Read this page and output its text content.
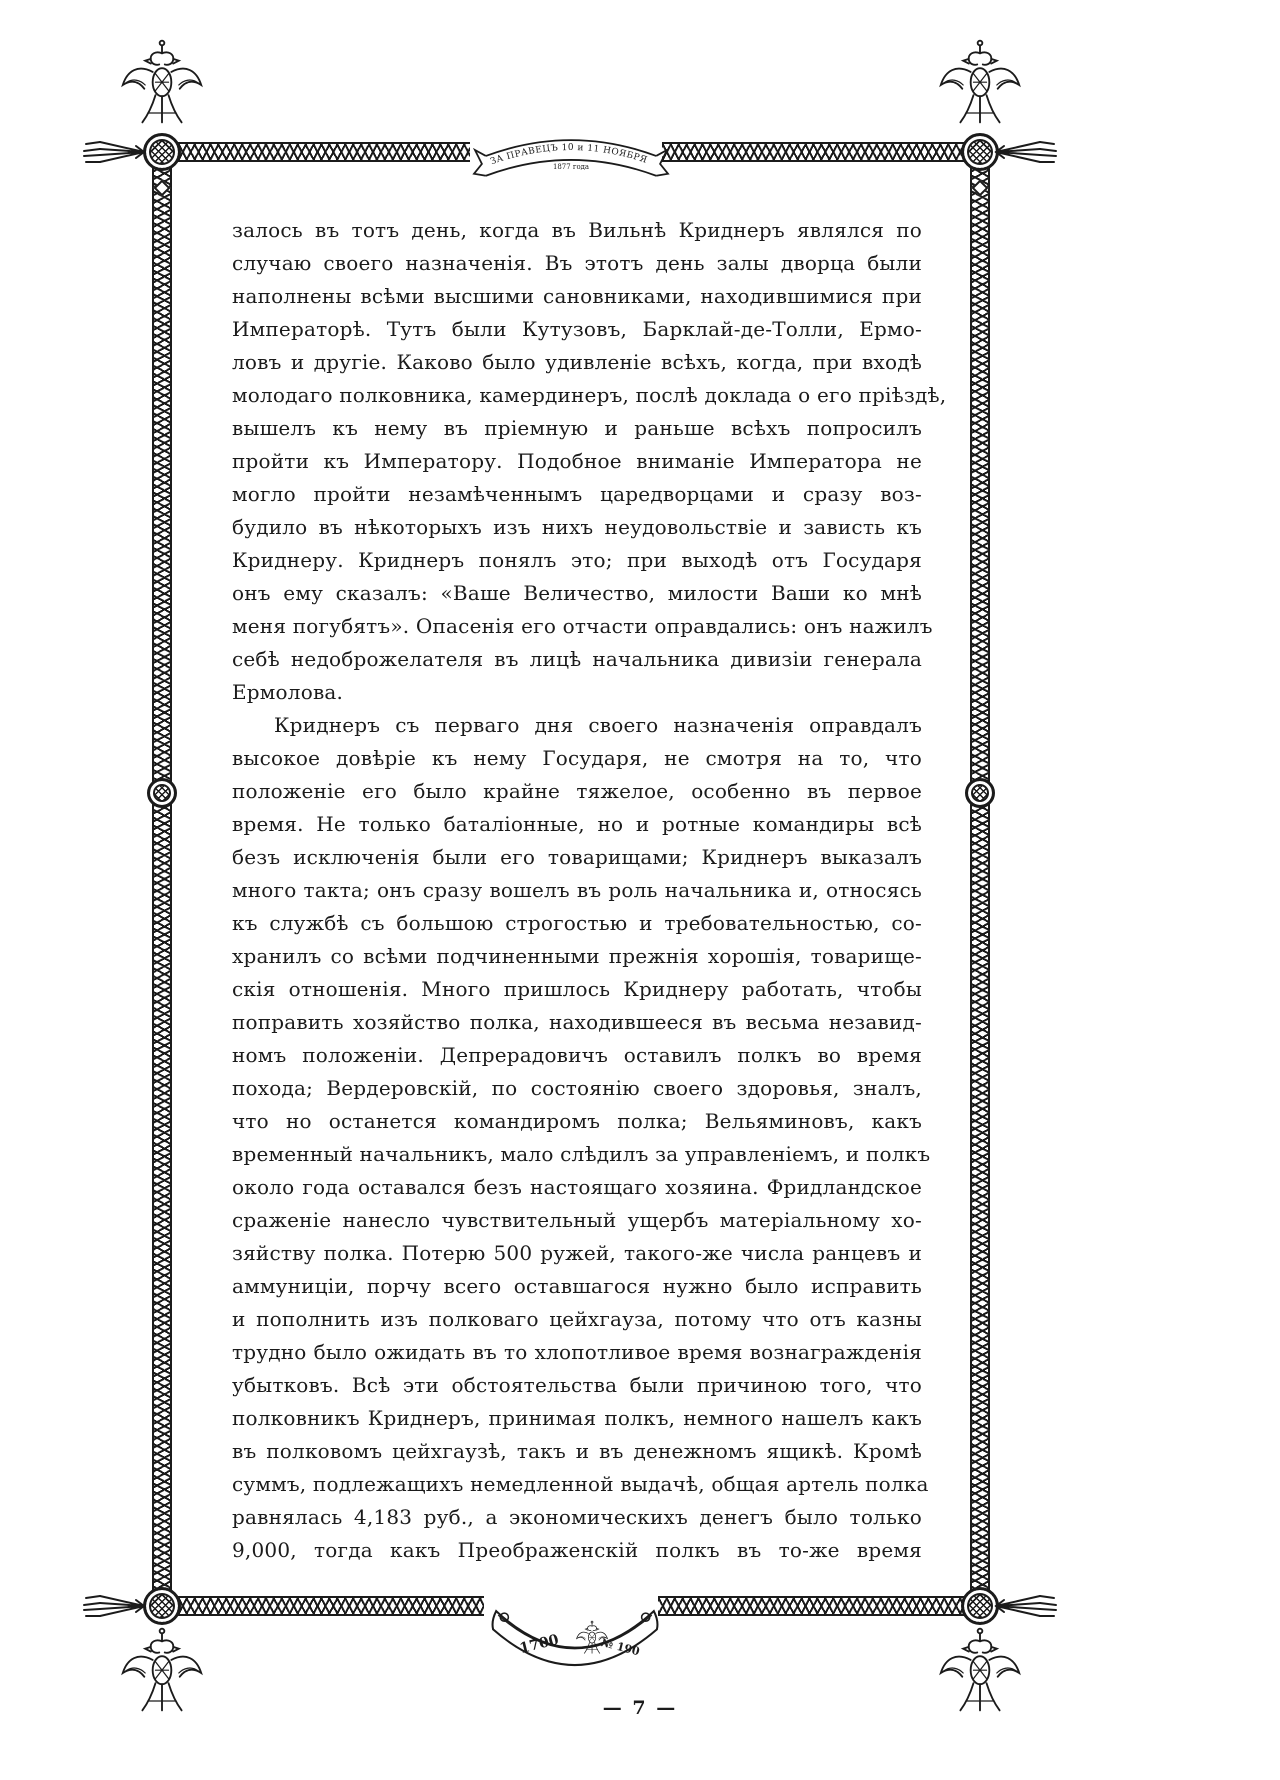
ЗА ПРАВЕЦЪ 10 и 11 НОЯБРЯ
1877 года
1700	№ 190
залось въ тотъ день, когда въ Вильнѣ Криднеръ являлся по
случаю своего назначенія. Въ этотъ день залы дворца были
наполнены всѣми высшими сановниками, находившимися при
Императорѣ. Тутъ были Кутузовъ, Барклай-де-Толли, Ермо-
ловъ и другіе. Каково было удивленіе всѣхъ, когда, при входѣ
молодаго полковника, камердинеръ, послѣ доклада о его пріѣздѣ,
вышелъ къ нему въ пріемную и раньше всѣхъ попросилъ
пройти къ Императору. Подобное вниманіе Императора не
могло пройти незамѣченнымъ царедворцами и сразу воз-
будило въ нѣкоторыхъ изъ нихъ неудовольствіе и зависть къ
Криднеру. Криднеръ понялъ это; при выходѣ отъ Государя
онъ ему сказалъ: «Ваше Величество, милости Ваши ко мнѣ
меня погубятъ». Опасенія его отчасти оправдались: онъ нажилъ
себѣ недоброжелателя въ лицѣ начальника дивизіи генерала
Ермолова.
Криднеръ съ перваго дня своего назначенія оправдалъ
высокое довѣріе къ нему Государя, не смотря на то, что
положеніе его было крайне тяжелое, особенно въ первое
время. Не только баталіонные, но и ротные командиры всѣ
безъ исключенія были его товарищами; Криднеръ выказалъ
много такта; онъ сразу вошелъ въ роль начальника и, относясь
къ службѣ съ большою строгостью и требовательностью, со-
хранилъ со всѣми подчиненными прежнія хорошія, товарище-
скія отношенія. Много пришлось Криднеру работать, чтобы
поправить хозяйство полка, находившееся въ весьма незавид-
номъ положеніи. Депрерадовичъ оставилъ полкъ во время
похода; Вердеровскій, по состоянію своего здоровья, зналъ,
что но останется командиромъ полка; Вельяминовъ, какъ
временный начальникъ, мало слѣдилъ за управленіемъ, и полкъ
около года оставался безъ настоящаго хозяина. Фридландское
сраженіе нанесло чувствительный ущербъ матеріальному хо-
зяйству полка. Потерю 500 ружей, такого-же числа ранцевъ и
аммуниціи, порчу всего оставшагося нужно было исправить
и пополнить изъ полковаго цейхгауза, потому что отъ казны
трудно было ожидать въ то хлопотливое время вознагражденія
убытковъ. Всѣ эти обстоятельства были причиною того, что
полковникъ Криднеръ, принимая полкъ, немного нашелъ какъ
въ полковомъ цейхгаузѣ, такъ и въ денежномъ ящикѣ. Кромѣ
суммъ, подлежащихъ немедленной выдачѣ, общая артель полка
равнялась 4,183 руб., а экономическихъ денегъ было только
9,000, тогда какъ Преображенскій полкъ въ то-же время
— 7 —
